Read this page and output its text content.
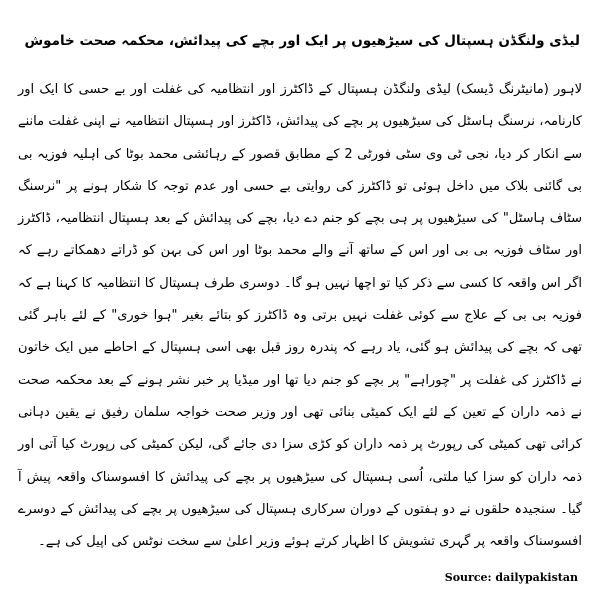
لیڈی ولنگڈن ہسپتال کی سیڑھیوں پر ایک اور بچے کی پیدائش، محکمہ صحت خاموش

لاہور (مانیٹرنگ ڈیسک) لیڈی ولنگڈن ہسپتال کے ڈاکٹرز اور انتظامیہ کی غفلت اور بے حسی کا ایک اور کارنامہ، نرسنگ ہاسٹل کی سیڑھیوں پر بچے کی پیدائش، ڈاکٹرز اور ہسپتال انتظامیہ نے اپنی غفلت ماننے سے انکار کر دیا، نجی ٹی وی سٹی فورٹی 2 کے مطابق قصور کے رہائشی محمد بوٹا کی اہلیہ فوزیہ بی بی گائنی بلاک میں داخل ہوئی تو ڈاکٹرز کی روایتی بے حسی اور عدم توجہ کا شکار ہونے پر "نرسنگ سٹاف ہاسٹل" کی سیڑھیوں پر ہی بچے کو جنم دے دیا، بچے کی پیدائش کے بعد ہسپتال انتظامیہ، ڈاکٹرز اور سٹاف فوزیہ بی بی اور اس کے ساتھ آنے والے محمد بوٹا اور اس کی بہن کو ڈراتے دھمکاتے رہے کہ اگر اس واقعہ کا کسی سے ذکر کیا تو اچھا نہیں ہو گا۔ دوسری طرف ہسپتال کا انتظامیہ کا کہنا ہے کہ فوزیہ بی بی کے علاج سے کوئی غفلت نہیں برتی وہ ڈاکٹرز کو بتائے بغیر "ہوا خوری" کے لئے باہر گئی تھی کہ بچے کی پیدائش ہو گئی، یاد رہے کہ پندرہ روز قبل بھی اسی ہسپتال کے احاطے میں ایک خاتون نے ڈاکٹرز کی غفلت پر "چوراہے" پر بچے کو جنم دیا تھا اور میڈیا پر خبر نشر ہونے کے بعد محکمہ صحت نے ذمہ داران کے تعین کے لئے ایک کمیٹی بنائی تھی اور وزیر صحت خواجہ سلمان رفیق نے یقین دہانی کرائی تھی کمیٹی کی رپورٹ پر ذمہ داران کو کڑی سزا دی جائے گی، لیکن کمیٹی کی رپورٹ کیا آتی اور ذمہ داران کو سزا کیا ملتی، اُسی ہسپتال کی سیڑھیوں پر بچے کی پیدائش کا افسوسناک واقعہ پیش آ گیا۔ سنجیدہ حلقوں نے دو ہفتوں کے دوران سرکاری ہسپتال کی سیڑھیوں پر بچے کی پیدائش کے دوسرے افسوسناک واقعہ پر گہری تشویش کا اظہار کرتے ہوئے وزیر اعلیٰ سے سخت نوٹس کی اپیل کی ہے۔

Source: dailypakistan
